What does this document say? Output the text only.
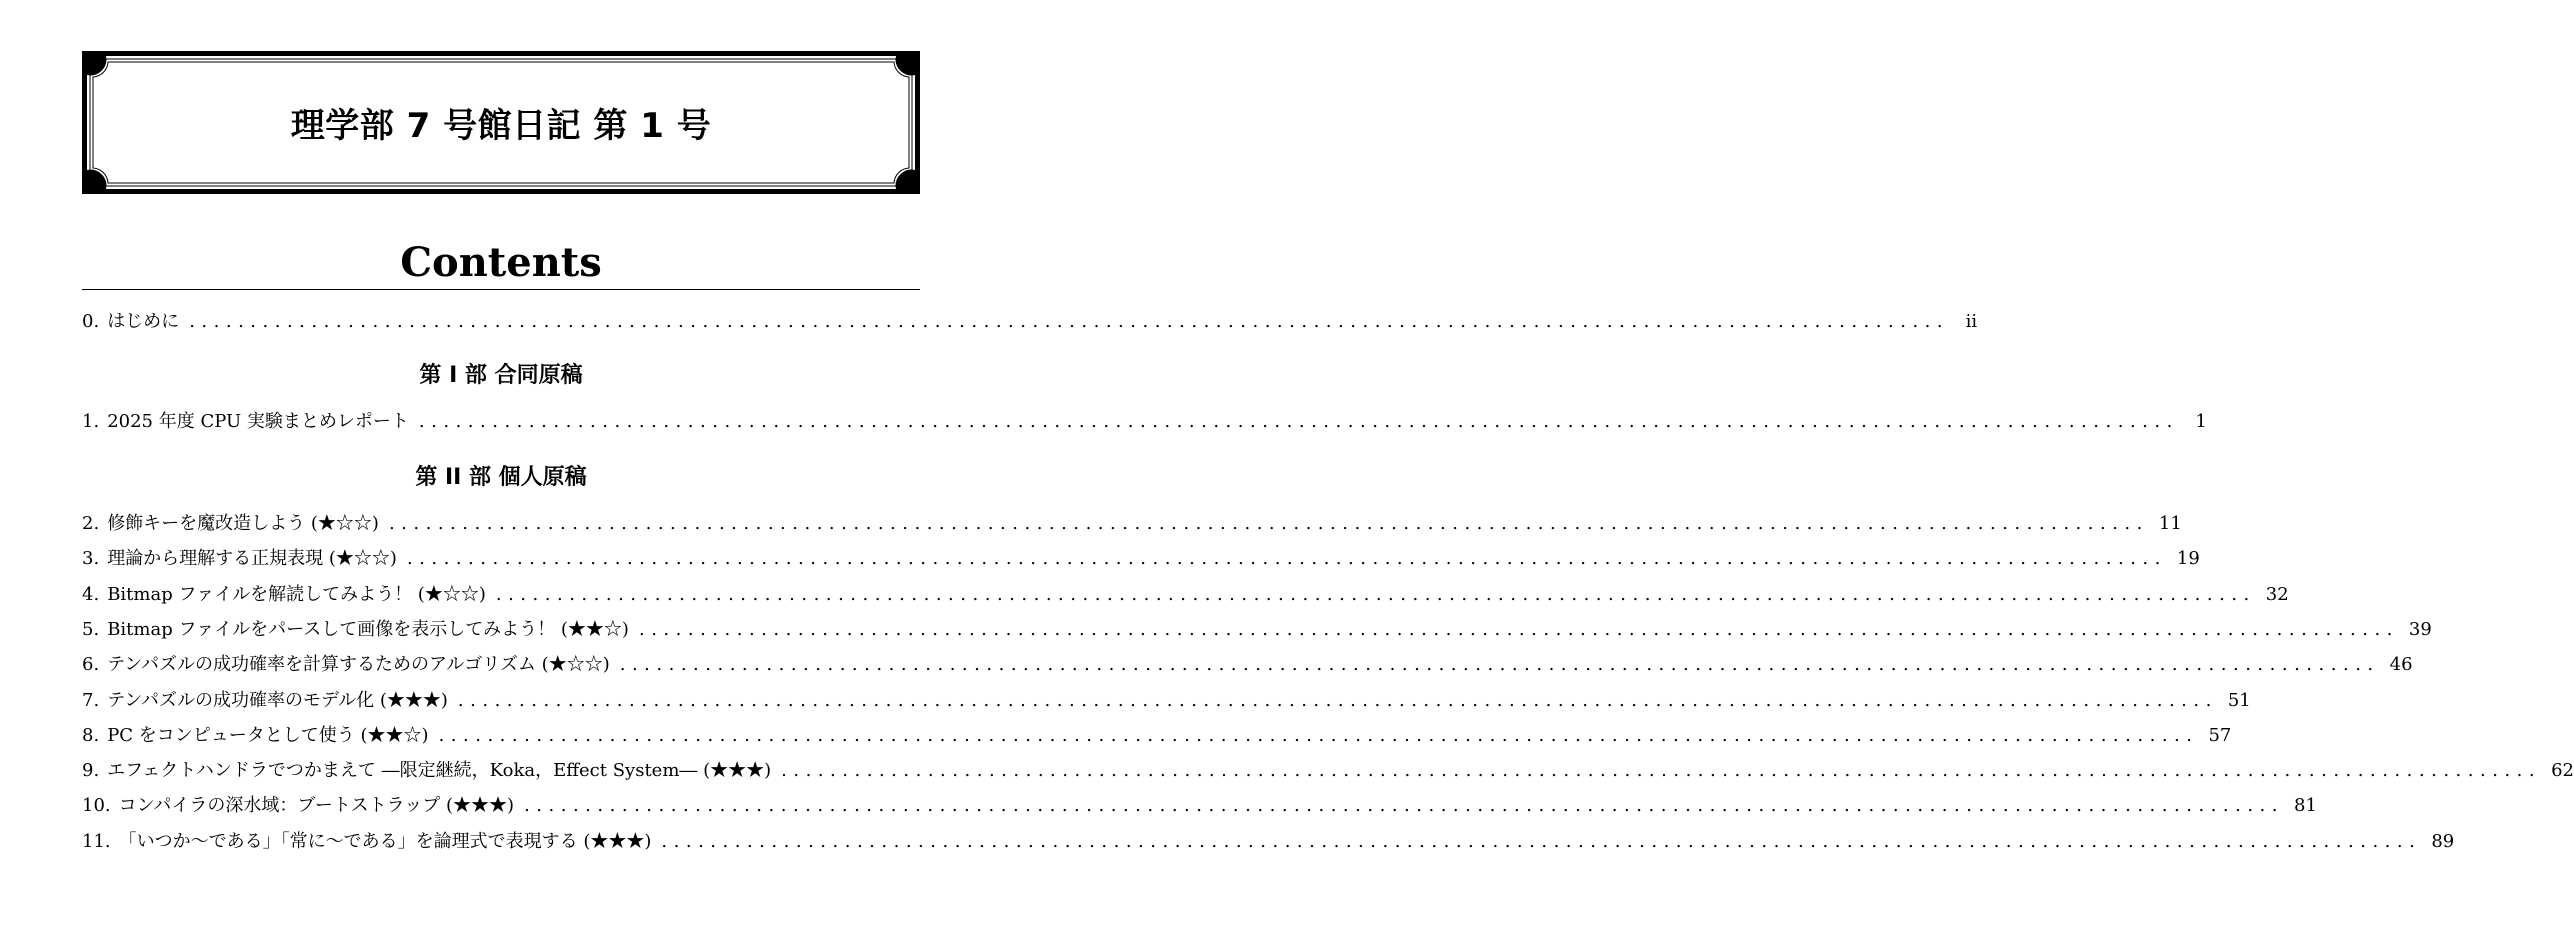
理学部 7 号館日記 第 1 号
Contents
0. はじめに ................................................................................................................................................ ii
第 I 部 合同原稿
1. 2025 年度 CPU 実験まとめレポート ................................................................................................................................................ 1
第 II 部 個人原稿
2. 修飾キーを魔改造しよう (★☆☆) ................................................................................................................................................ 11
3. 理論から理解する正規表現 (★☆☆) ................................................................................................................................................ 19
4. Bitmap ファイルを解読してみよう！ (★☆☆) ................................................................................................................................................ 32
5. Bitmap ファイルをパースして画像を表示してみよう！ (★★☆) ................................................................................................................................................ 39
6. テンパズルの成功確率を計算するためのアルゴリズム (★☆☆) ................................................................................................................................................ 46
7. テンパズルの成功確率のモデル化 (★★★) ................................................................................................................................................ 51
8. PC をコンピュータとして使う (★★☆) ................................................................................................................................................ 57
9. エフェクトハンドラでつかまえて ―限定継続，Koka，Effect System― (★★★) ................................................................................................................................................ 62
10. コンパイラの深水域：ブートストラップ (★★★) ................................................................................................................................................ 81
11. 「いつか〜である」「常に〜である」を論理式で表現する (★★★) ................................................................................................................................................ 89
